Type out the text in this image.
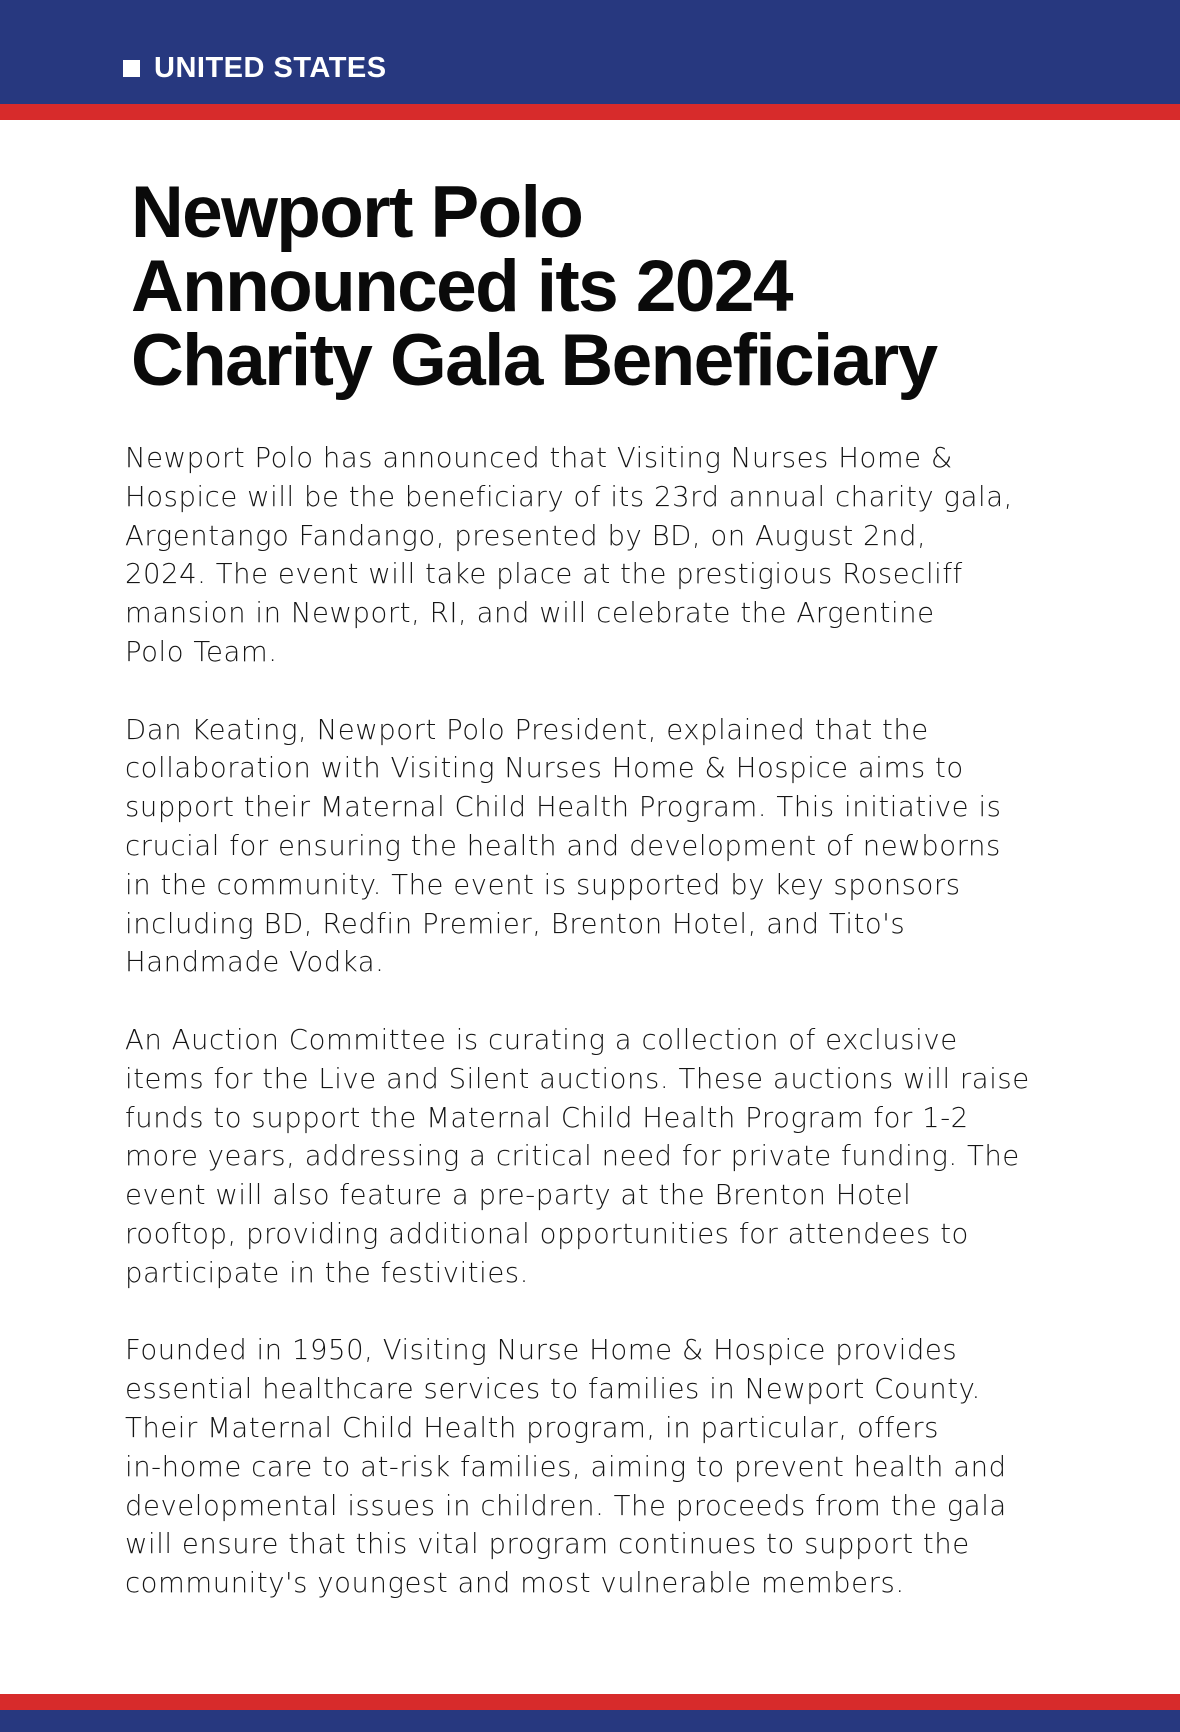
UNITED STATES
Newport Polo
Announced its 2024
Charity Gala Beneficiary

Newport Polo has announced that Visiting Nurses Home &
Hospice will be the beneficiary of its 23rd annual charity gala,
Argentango Fandango, presented by BD, on August 2nd,
2024. The event will take place at the prestigious Rosecliff
mansion in Newport, RI, and will celebrate the Argentine
Polo Team.

Dan Keating, Newport Polo President, explained that the
collaboration with Visiting Nurses Home & Hospice aims to
support their Maternal Child Health Program. This initiative is
crucial for ensuring the health and development of newborns
in the community. The event is supported by key sponsors
including BD, Redfin Premier, Brenton Hotel, and Tito's
Handmade Vodka.

An Auction Committee is curating a collection of exclusive
items for the Live and Silent auctions. These auctions will raise
funds to support the Maternal Child Health Program for 1-2
more years, addressing a critical need for private funding. The
event will also feature a pre-party at the Brenton Hotel
rooftop, providing additional opportunities for attendees to
participate in the festivities.

Founded in 1950, Visiting Nurse Home & Hospice provides
essential healthcare services to families in Newport County.
Their Maternal Child Health program, in particular, offers
in-home care to at-risk families, aiming to prevent health and
developmental issues in children. The proceeds from the gala
will ensure that this vital program continues to support the
community's youngest and most vulnerable members.
